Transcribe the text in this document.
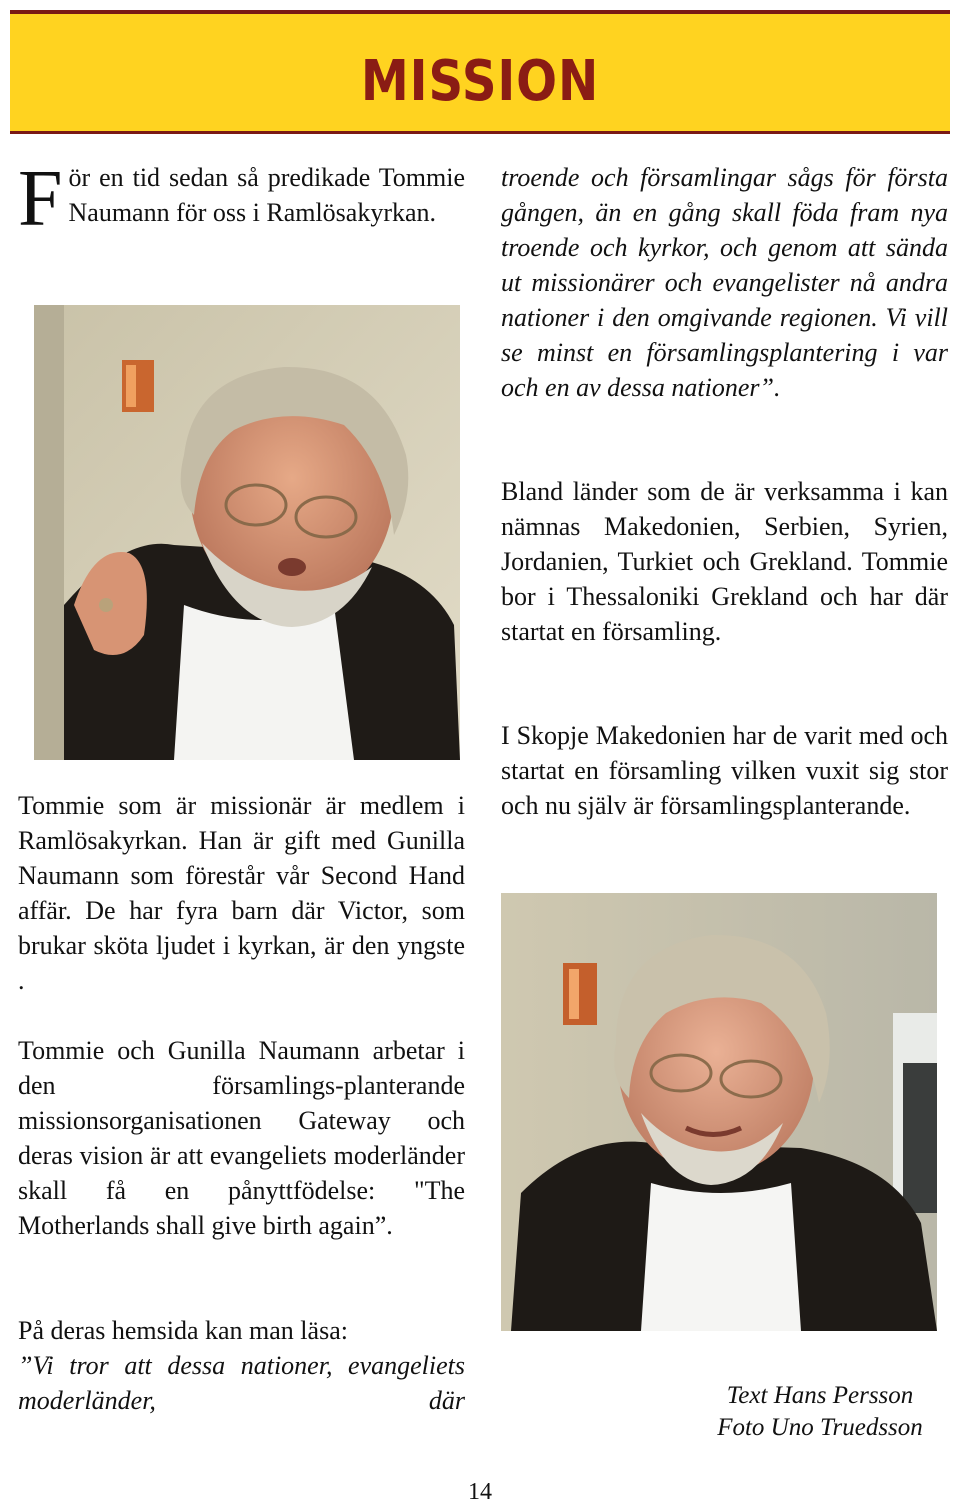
MISSION

För en tid sedan så predikade Tommie Naumann för oss i Ramlösakyrkan.

Tommie som är missionär är medlem i Ramlösakyrkan. Han är gift med Gunilla Naumann som förestår vår Second Hand affär. De har fyra barn där Victor, som brukar sköta ljudet i kyrkan, är den yngste .

Tommie och Gunilla Naumann arbetar i den församlings-planterande missionsorganisationen Gateway och deras vision är att evangeliets moderländer skall få en pånyttfödelse: "The Motherlands shall give birth again”.

På deras hemsida kan man läsa:

”Vi tror att dessa nationer, evangeliets moderländer, där

troende och församlingar sågs för första gången, än en gång skall föda fram nya troende och kyrkor, och genom att sända ut missionärer och evangelister nå andra nationer i den omgivande regionen. Vi vill se minst en församlingsplantering i var och en av dessa nationer”.

Bland länder som de är verksamma i kan nämnas Makedonien, Serbien, Syrien, Jordanien, Turkiet och Grekland. Tommie bor i Thessaloniki Grekland och har där startat en församling.

I Skopje Makedonien har de varit med och startat en församling vilken vuxit sig stor och nu själv är församlingsplanterande.

Text Hans Persson
Foto Uno Truedsson
14
